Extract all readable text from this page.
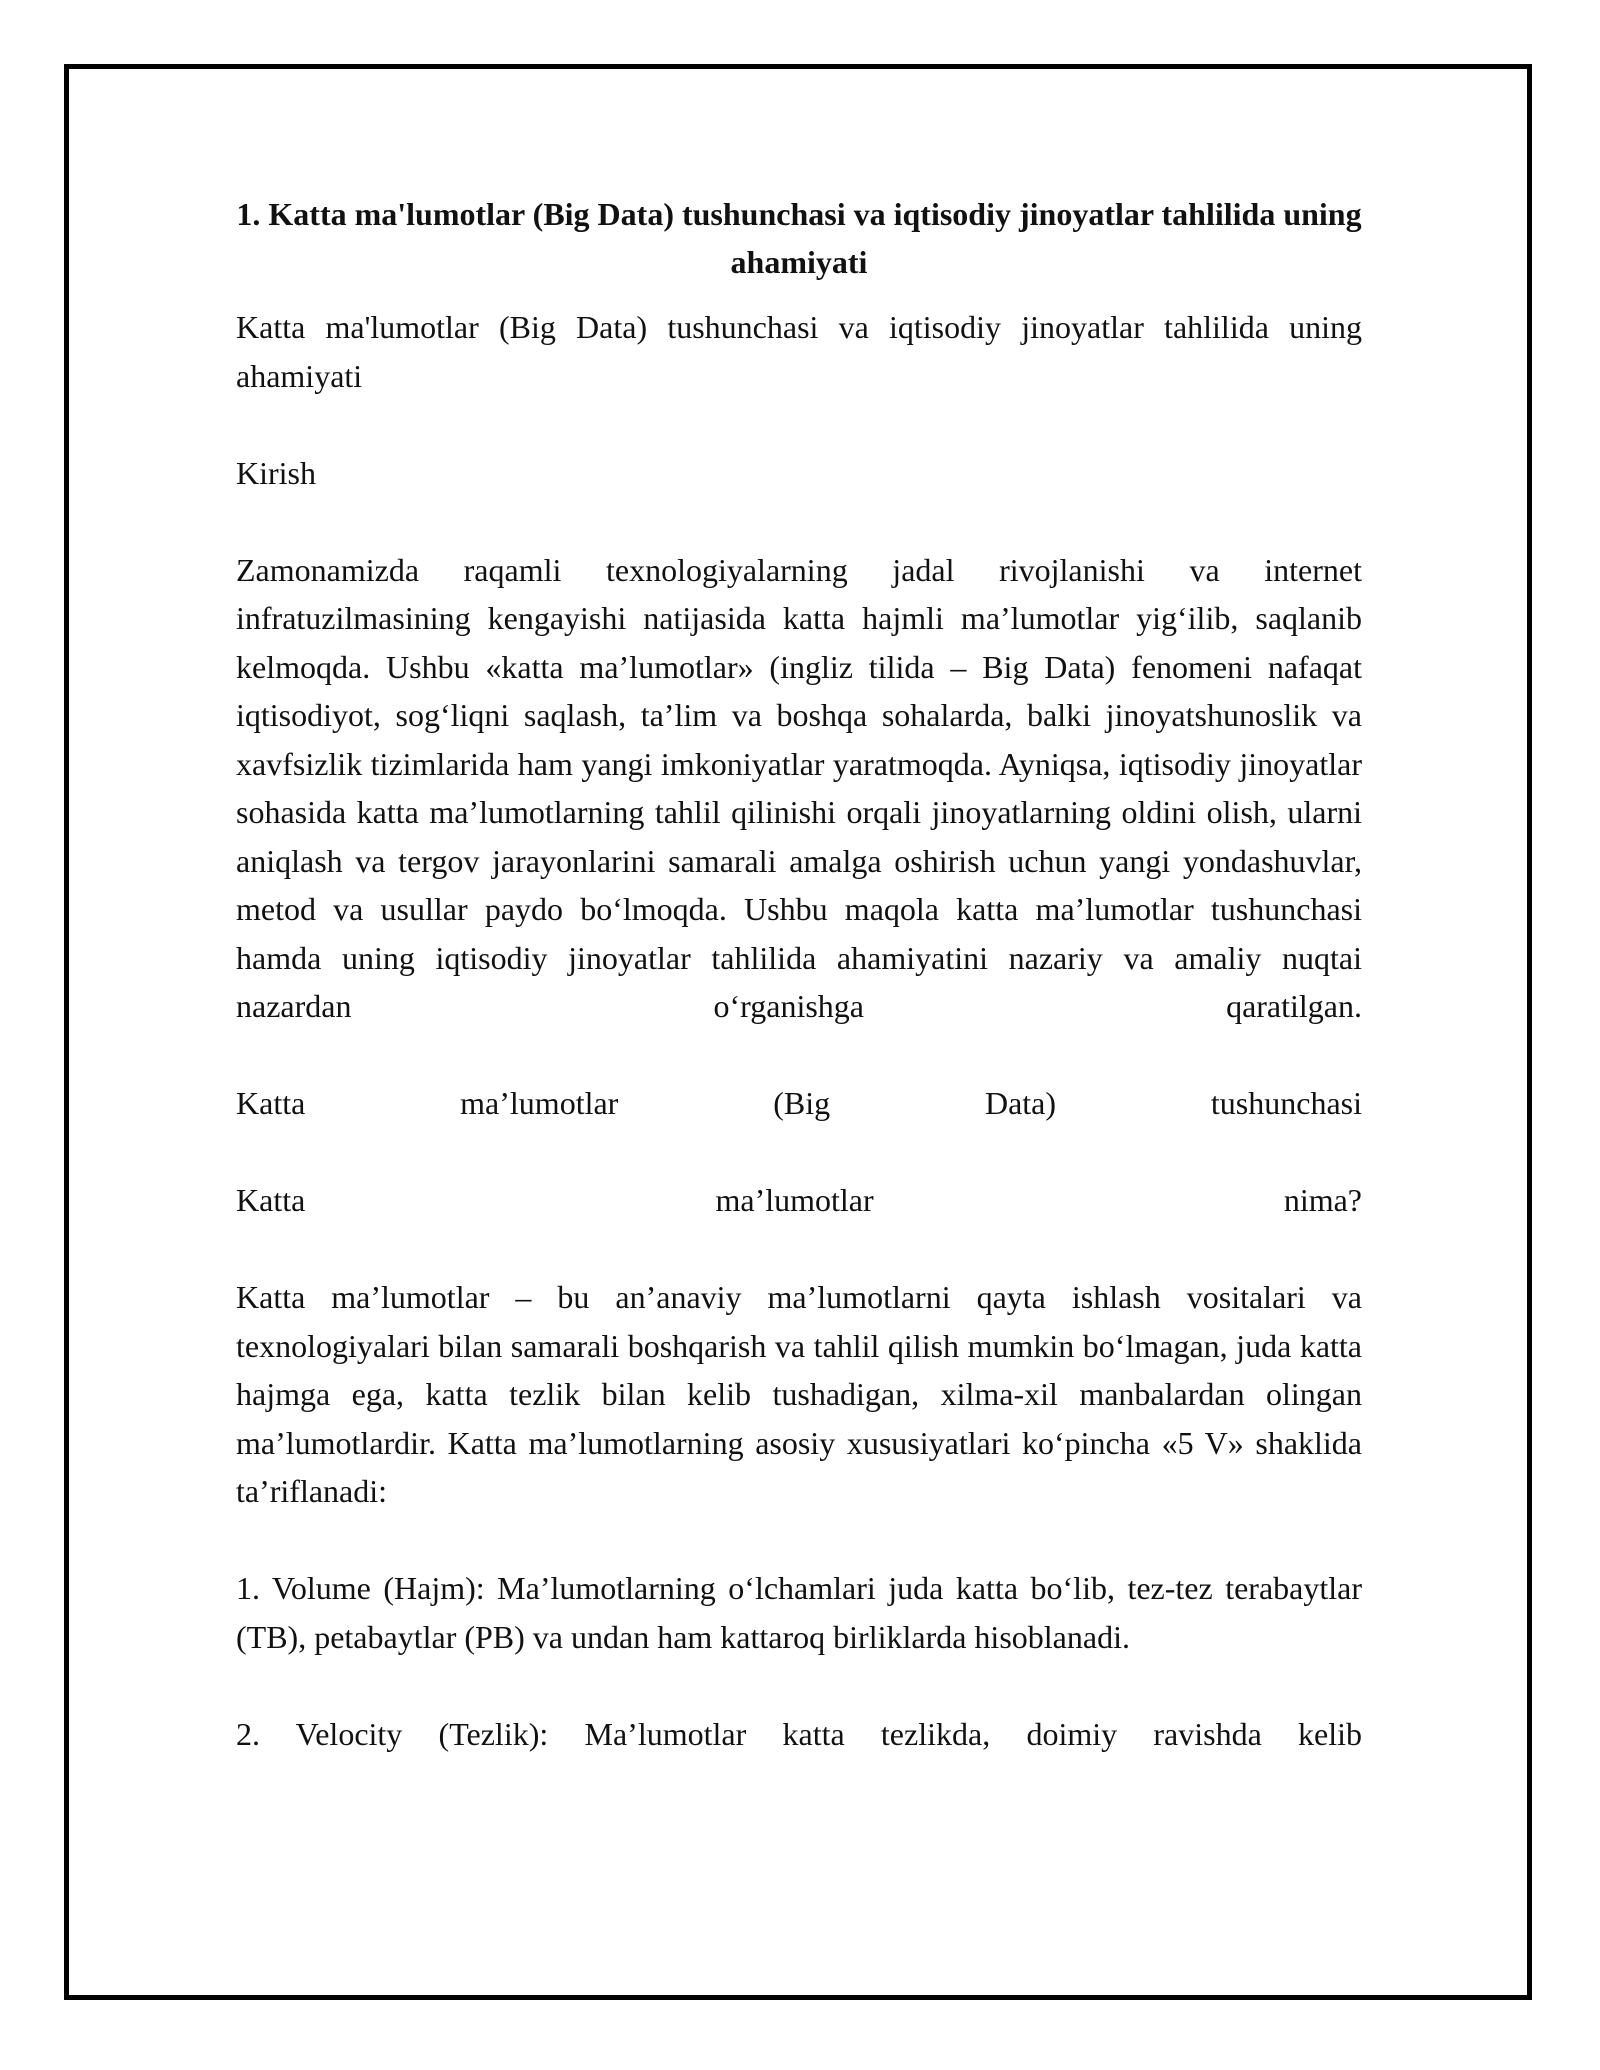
1. Katta ma'lumotlar (Big Data) tushunchasi va iqtisodiy jinoyatlar tahlilida uning ahamiyati

Katta ma'lumotlar (Big Data) tushunchasi va iqtisodiy jinoyatlar tahlilida uning ahamiyati

Kirish

Zamonamizda raqamli texnologiyalarning jadal rivojlanishi va internet infratuzilmasining kengayishi natijasida katta hajmli ma’lumotlar yig‘ilib, saqlanib kelmoqda. Ushbu «katta ma’lumotlar» (ingliz tilida – Big Data) fenomeni nafaqat iqtisodiyot, sog‘liqni saqlash, ta’lim va boshqa sohalarda, balki jinoyatshunoslik va xavfsizlik tizimlarida ham yangi imkoniyatlar yaratmoqda. Ayniqsa, iqtisodiy jinoyatlar sohasida katta ma’lumotlarning tahlil qilinishi orqali jinoyatlarning oldini olish, ularni aniqlash va tergov jarayonlarini samarali amalga oshirish uchun yangi yondashuvlar, metod va usullar paydo bo‘lmoqda. Ushbu maqola katta ma’lumotlar tushunchasi hamda uning iqtisodiy jinoyatlar tahlilida ahamiyatini nazariy va amaliy nuqtai nazardan o‘rganishga qaratilgan.

Katta ma’lumotlar (Big Data) tushunchasi

Katta ma’lumotlar nima?

Katta ma’lumotlar – bu an’anaviy ma’lumotlarni qayta ishlash vositalari va texnologiyalari bilan samarali boshqarish va tahlil qilish mumkin bo‘lmagan, juda katta hajmga ega, katta tezlik bilan kelib tushadigan, xilma-xil manbalardan olingan ma’lumotlardir. Katta ma’lumotlarning asosiy xususiyatlari ko‘pincha «5 V» shaklida ta’riflanadi:

1. Volume (Hajm): Ma’lumotlarning o‘lchamlari juda katta bo‘lib, tez-tez terabaytlar (TB), petabaytlar (PB) va undan ham kattaroq birliklarda hisoblanadi.

2. Velocity (Tezlik): Ma’lumotlar katta tezlikda, doimiy ravishda kelib
